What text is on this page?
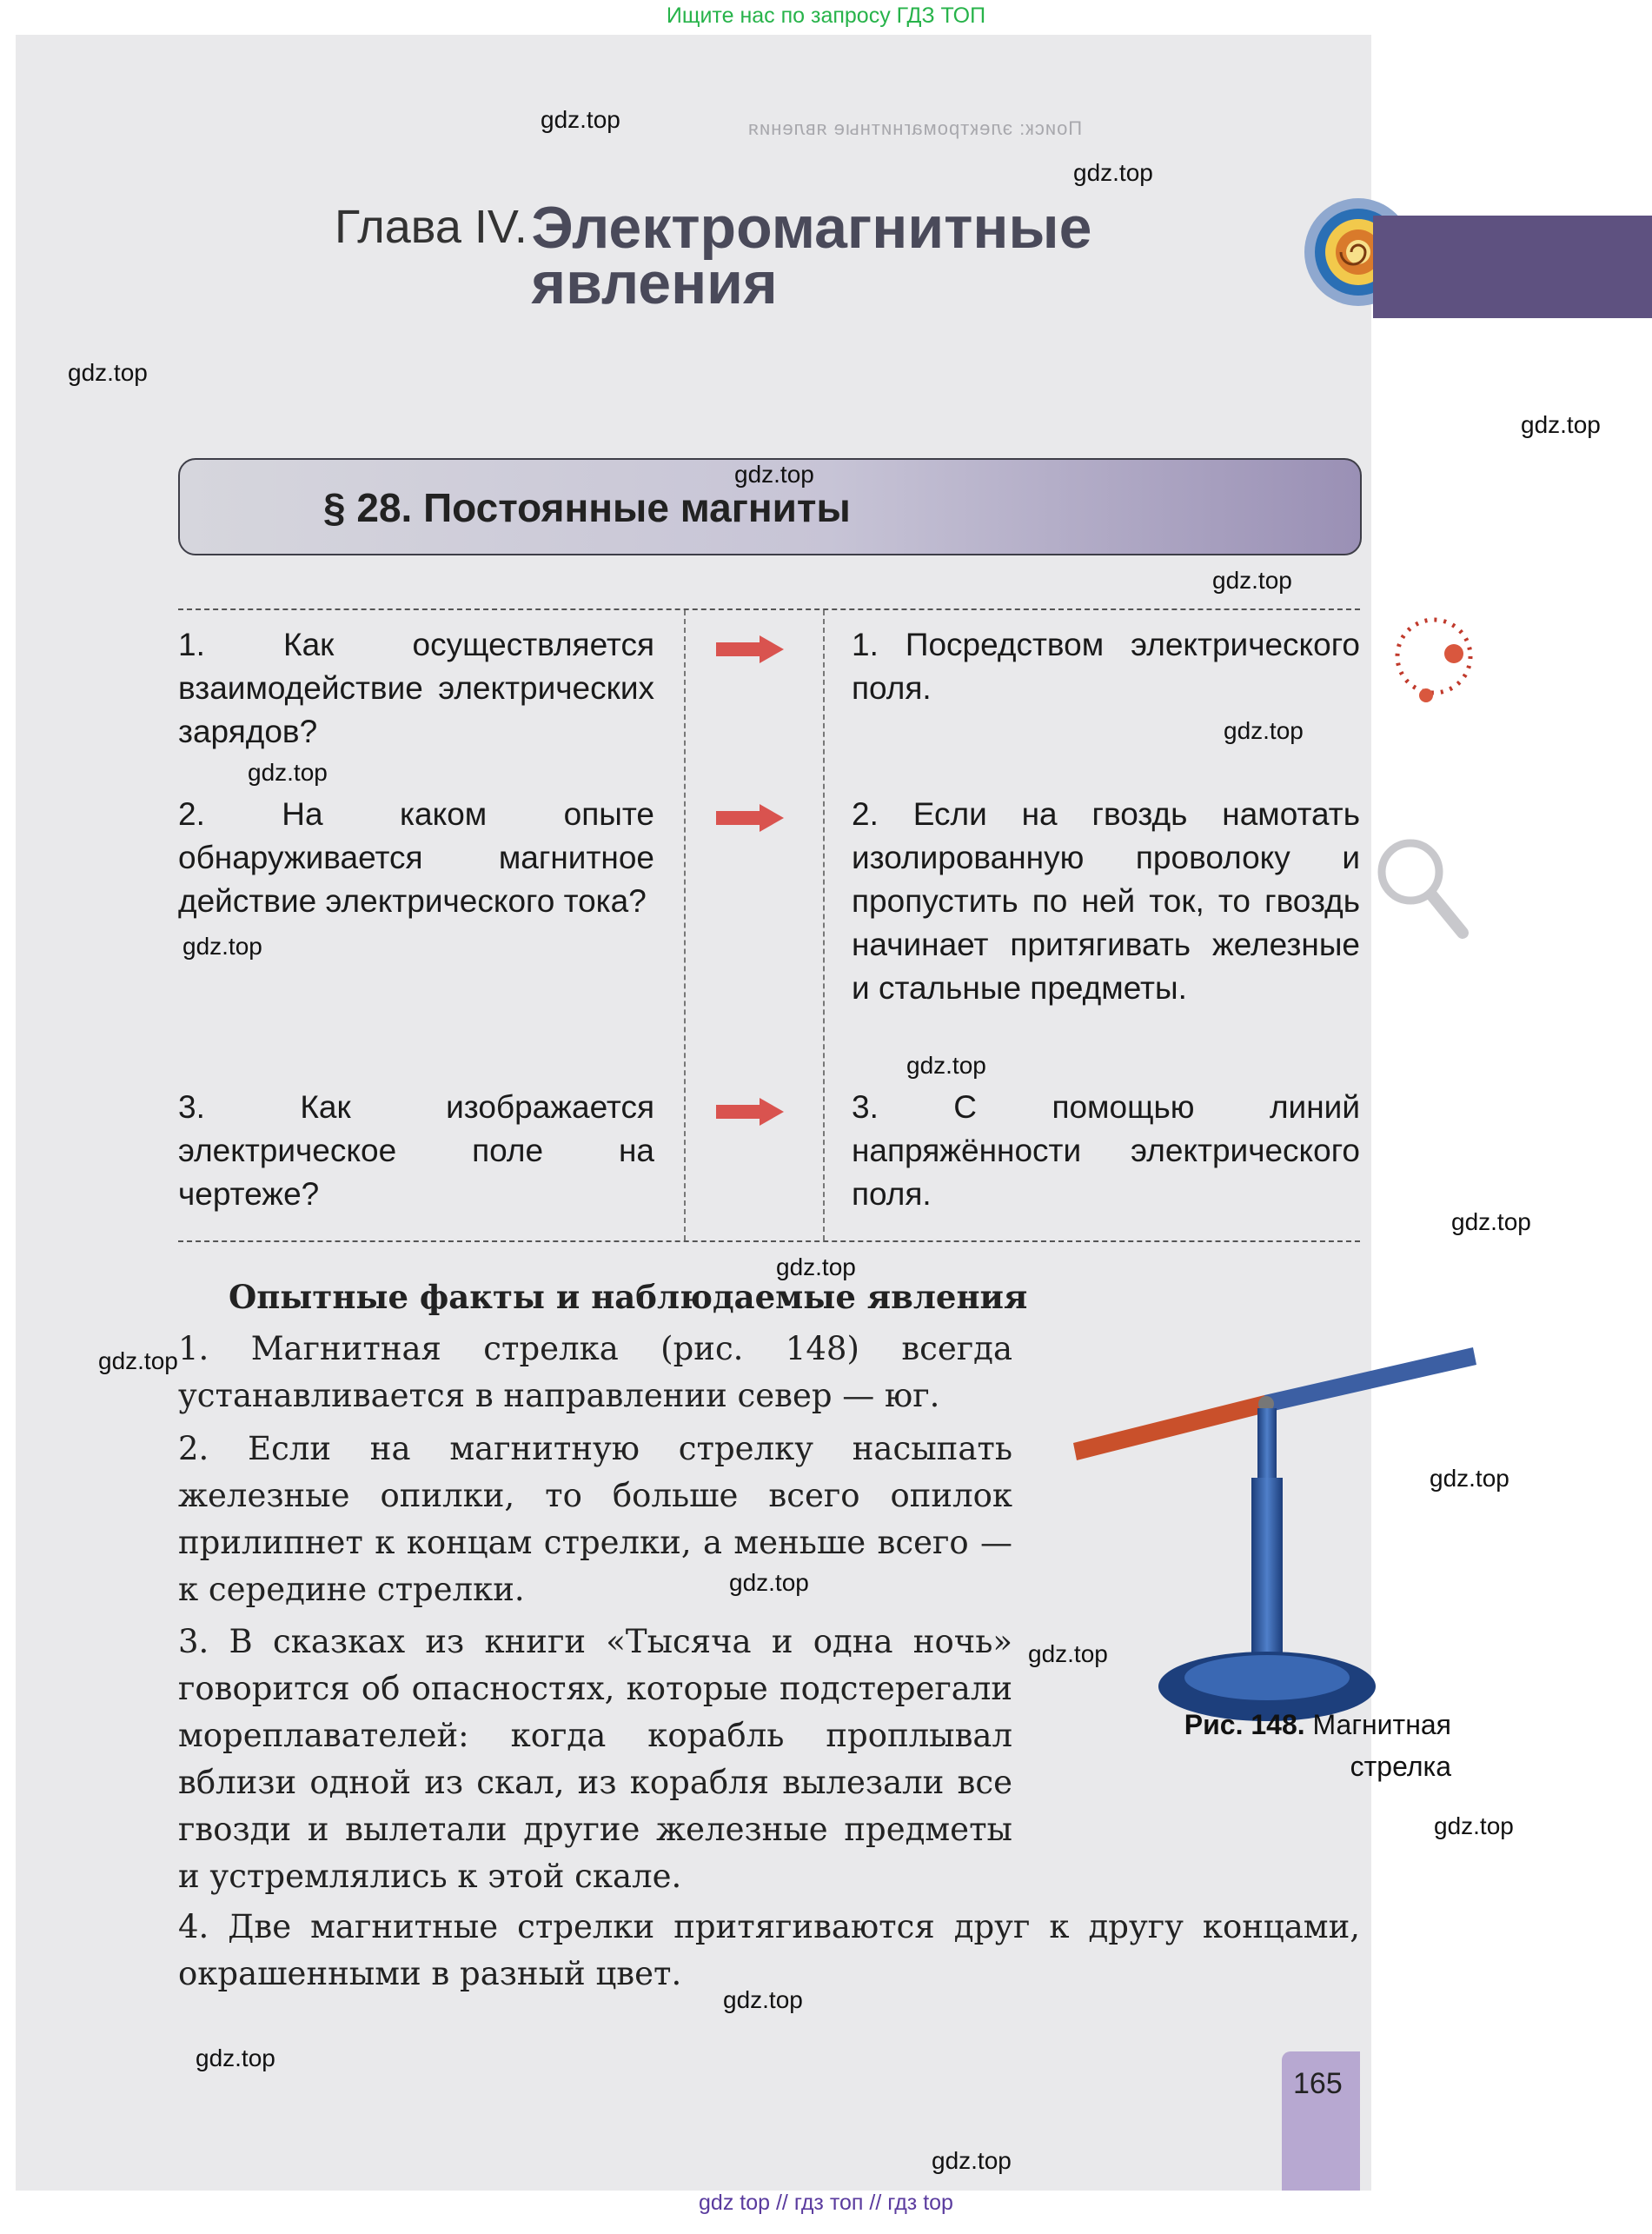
Ищите нас по запросу ГДЗ ТОП
Поиск: электромагнитные явления
Глава IV. Электромагнитные
явления
§ 28. Постоянные магниты
1. Как осуществляется взаимодействие электрических зарядов?
1. Посредством электрического поля.
2. На каком опыте обнаруживается магнитное действие электрического тока?
2. Если на гвоздь намотать изолированную проволоку и пропустить по ней ток, то гвоздь начинает притягивать железные и стальные предметы.
3. Как изображается электрическое поле на чертеже?
3. С помощью линий напряжённости электрического поля.
Опытные факты и наблюдаемые явления
1. Магнитная стрелка (рис. 148) всегда устанавливается в направлении север — юг.
2. Если на магнитную стрелку насыпать железные опилки, то больше всего опилок прилипнет к концам стрелки, а меньше всего — к середине стрелки.
3. В сказках из книги «Тысяча и одна ночь» говорится об опасностях, которые подстерегали мореплавателей: когда корабль проплывал вблизи одной из скал, из корабля вылезали все гвозди и вылетали другие железные предметы и устремлялись к этой скале.
4. Две магнитные стрелки притягиваются друг к другу концами, окрашенными в разный цвет.
Рис. 148. Магнитная стрелка
165
gdz.top
gdz.top
gdz.top
gdz.top
gdz.top
gdz.top
gdz.top
gdz.top
gdz.top
gdz.top
gdz.top
gdz.top
gdz.top
gdz.top
gdz.top
gdz.top
gdz.top
gdz.top
gdz.top
gdz.top
gdz top // гдз топ // гдз top
